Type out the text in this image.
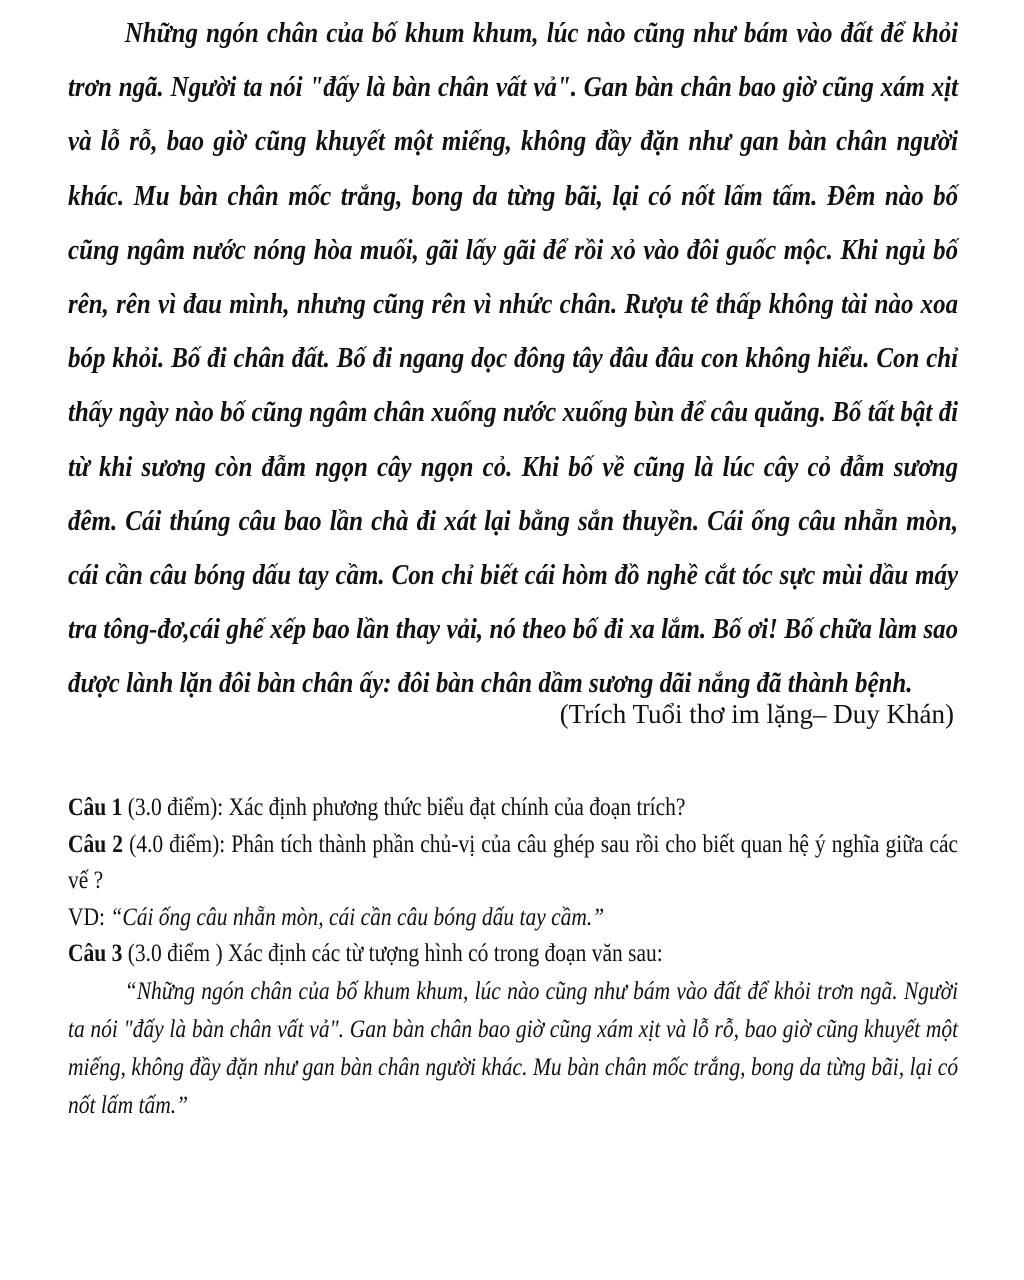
Những ngón chân của bố khum khum, lúc nào cũng như bám vào đất để khỏi trơn ngã. Người ta nói "đấy là bàn chân vất vả". Gan bàn chân bao giờ cũng xám xịt và lỗ rỗ, bao giờ cũng khuyết một miếng, không đầy đặn như gan bàn chân người khác. Mu bàn chân mốc trắng, bong da từng bãi, lại có nốt lấm tấm. Đêm nào bố cũng ngâm nước nóng hòa muối, gãi lấy gãi để rồi xỏ vào đôi guốc mộc. Khi ngủ bố rên, rên vì đau mình, nhưng cũng rên vì nhức chân. Rượu tê thấp không tài nào xoa bóp khỏi. Bố đi chân đất. Bố đi ngang dọc đông tây đâu đâu con không hiểu. Con chỉ thấy ngày nào bố cũng ngâm chân xuống nước xuống bùn để câu quăng. Bố tất bật đi từ khi sương còn đẫm ngọn cây ngọn cỏ. Khi bố về cũng là lúc cây cỏ đẫm sương đêm. Cái thúng câu bao lần chà đi xát lại bằng sắn thuyền. Cái ống câu nhẵn mòn, cái cần câu bóng dấu tay cầm. Con chỉ biết cái hòm đồ nghề cắt tóc sực mùi dầu máy tra tông-đơ,cái ghế xếp bao lần thay vải, nó theo bố đi xa lắm. Bố ơi! Bố chữa làm sao được lành lặn đôi bàn chân ấy: đôi bàn chân dầm sương dãi nắng đã thành bệnh.

(Trích Tuổi thơ im lặng– Duy Khán)

Câu 1 (3.0 điểm): Xác định phương thức biểu đạt chính của đoạn trích?

Câu 2 (4.0 điểm): Phân tích thành phần chủ-vị của câu ghép sau rồi cho biết quan hệ ý nghĩa giữa các vế ?

VD: “Cái ống câu nhẵn mòn, cái cần câu bóng dấu tay cầm.”

Câu 3 (3.0 điểm ) Xác định các từ tượng hình có trong đoạn văn sau:

“Những ngón chân của bố khum khum, lúc nào cũng như bám vào đất để khỏi trơn ngã. Người ta nói "đấy là bàn chân vất vả". Gan bàn chân bao giờ cũng xám xịt và lỗ rỗ, bao giờ cũng khuyết một miếng, không đầy đặn như gan bàn chân người khác. Mu bàn chân mốc trắng, bong da từng bãi, lại có nốt lấm tấm.”
